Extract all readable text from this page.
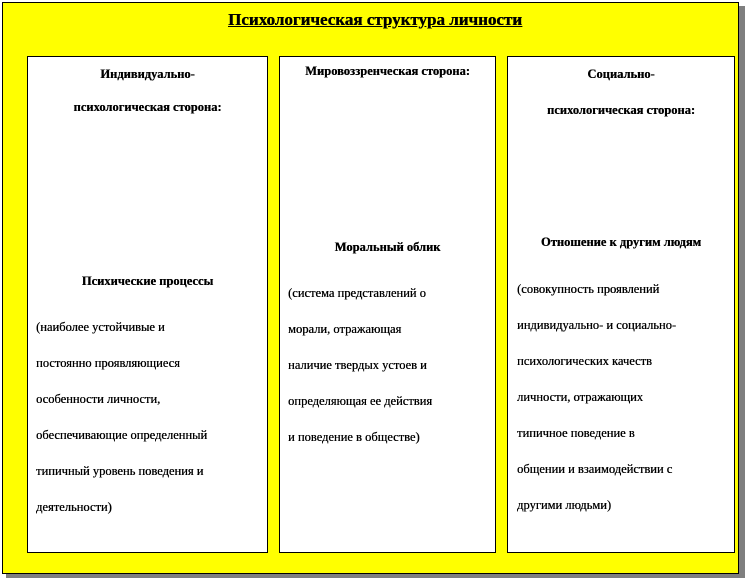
Психологическая структура личности
Индивидуально-
психологическая сторона:
Психические процессы
(наиболее устойчивые и
постоянно проявляющиеся
особенности личности,
обеспечивающие определенный
типичный уровень поведения и
деятельности)
Мировоззренческая сторона:
Моральный облик
(система представлений о
морали, отражающая
наличие твердых устоев и
определяющая ее действия
и поведение в обществе)
Социально-
психологическая сторона:
Отношение к другим людям
(совокупность проявлений
индивидуально- и социально-
психологических качеств
личности, отражающих
типичное поведение в
общении и взаимодействии с
другими людьми)
